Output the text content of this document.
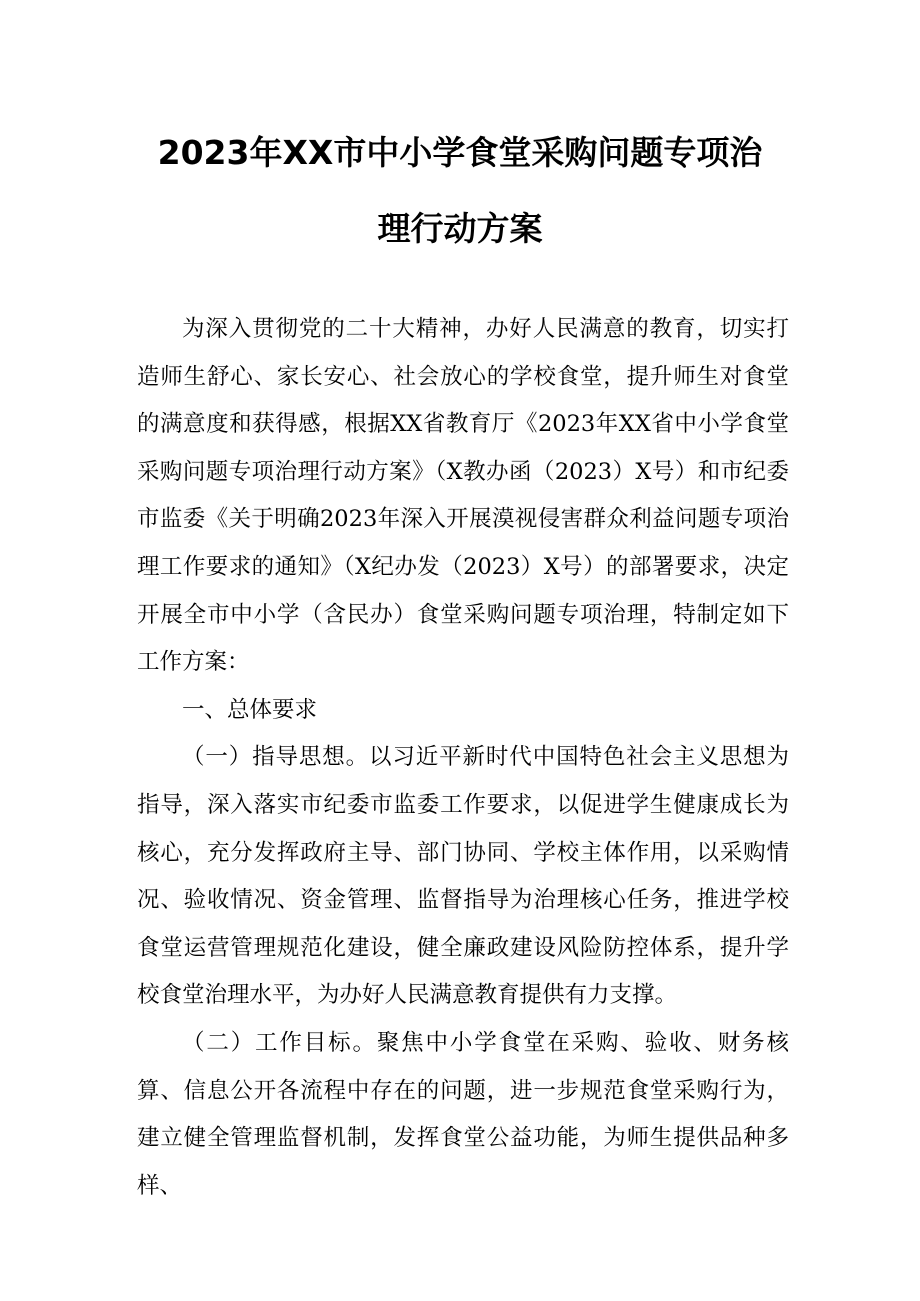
2023年XX市中小学食堂采购问题专项治
理行动方案

为深入贯彻党的二十大精神，办好人民满意的教育，切实打造师生舒心、家长安心、社会放心的学校食堂，提升师生对食堂的满意度和获得感，根据XX省教育厅《2023年XX省中小学食堂采购问题专项治理行动方案》（X教办函（2023）X号）和市纪委市监委《关于明确2023年深入开展漠视侵害群众利益问题专项治理工作要求的通知》（X纪办发（2023）X号）的部署要求，决定开展全市中小学（含民办）食堂采购问题专项治理，特制定如下工作方案：

一、总体要求

（一）指导思想。以习近平新时代中国特色社会主义思想为指导，深入落实市纪委市监委工作要求，以促进学生健康成长为核心，充分发挥政府主导、部门协同、学校主体作用，以采购情况、验收情况、资金管理、监督指导为治理核心任务，推进学校食堂运营管理规范化建设，健全廉政建设风险防控体系，提升学校食堂治理水平，为办好人民满意教育提供有力支撑。

（二）工作目标。聚焦中小学食堂在采购、验收、财务核算、信息公开各流程中存在的问题，进一步规范食堂采购行为，建立健全管理监督机制，发挥食堂公益功能，为师生提供品种多样、
